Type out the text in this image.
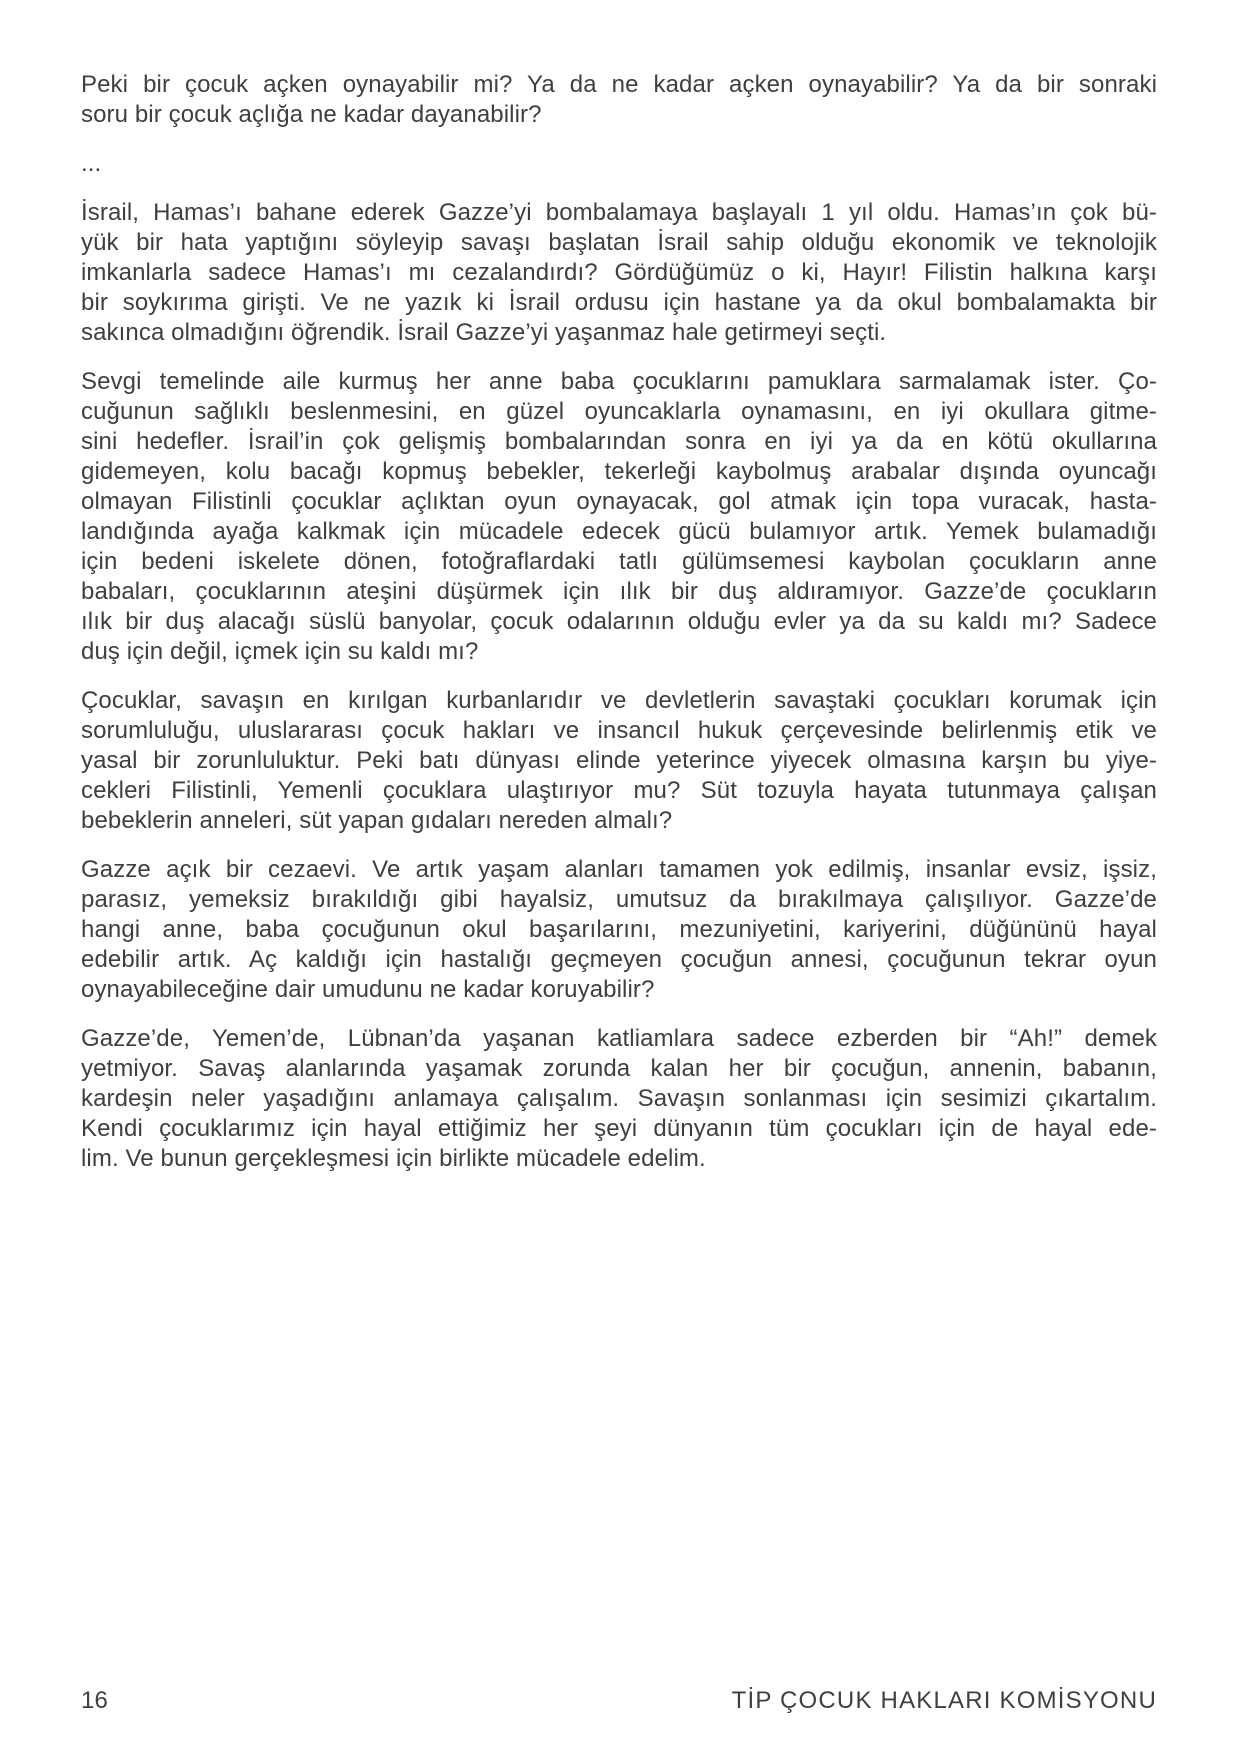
Peki bir çocuk açken oynayabilir mi? Ya da ne kadar açken oynayabilir? Ya da bir sonraki
soru bir çocuk açlığa ne kadar dayanabilir?
...
İsrail, Hamas’ı bahane ederek Gazze’yi bombalamaya başlayalı 1 yıl oldu. Hamas’ın çok bü-
yük bir hata yaptığını söyleyip savaşı başlatan İsrail sahip olduğu ekonomik ve teknolojik
imkanlarla sadece Hamas’ı mı cezalandırdı? Gördüğümüz o ki, Hayır! Filistin halkına karşı
bir soykırıma girişti. Ve ne yazık ki İsrail ordusu için hastane ya da okul bombalamakta bir
sakınca olmadığını öğrendik. İsrail Gazze’yi yaşanmaz hale getirmeyi seçti.
Sevgi temelinde aile kurmuş her anne baba çocuklarını pamuklara sarmalamak ister. Ço-
cuğunun sağlıklı beslenmesini, en güzel oyuncaklarla oynamasını, en iyi okullara gitme-
sini hedefler. İsrail’in çok gelişmiş bombalarından sonra en iyi ya da en kötü okullarına
gidemeyen, kolu bacağı kopmuş bebekler, tekerleği kaybolmuş arabalar dışında oyuncağı
olmayan Filistinli çocuklar açlıktan oyun oynayacak, gol atmak için topa vuracak, hasta-
landığında ayağa kalkmak için mücadele edecek gücü bulamıyor artık. Yemek bulamadığı
için bedeni iskelete dönen, fotoğraflardaki tatlı gülümsemesi kaybolan çocukların anne
babaları, çocuklarının ateşini düşürmek için ılık bir duş aldıramıyor. Gazze’de çocukların
ılık bir duş alacağı süslü banyolar, çocuk odalarının olduğu evler ya da su kaldı mı? Sadece
duş için değil, içmek için su kaldı mı?
Çocuklar, savaşın en kırılgan kurbanlarıdır ve devletlerin savaştaki çocukları korumak için
sorumluluğu, uluslararası çocuk hakları ve insancıl hukuk çerçevesinde belirlenmiş etik ve
yasal bir zorunluluktur. Peki batı dünyası elinde yeterince yiyecek olmasına karşın bu yiye-
cekleri Filistinli, Yemenli çocuklara ulaştırıyor mu? Süt tozuyla hayata tutunmaya çalışan
bebeklerin anneleri, süt yapan gıdaları nereden almalı?
Gazze açık bir cezaevi. Ve artık yaşam alanları tamamen yok edilmiş, insanlar evsiz, işsiz,
parasız, yemeksiz bırakıldığı gibi hayalsiz, umutsuz da bırakılmaya çalışılıyor. Gazze’de
hangi anne, baba çocuğunun okul başarılarını, mezuniyetini, kariyerini, düğününü hayal
edebilir artık. Aç kaldığı için hastalığı geçmeyen çocuğun annesi, çocuğunun tekrar oyun
oynayabileceğine dair umudunu ne kadar koruyabilir?
Gazze’de, Yemen’de, Lübnan’da yaşanan katliamlara sadece ezberden bir “Ah!” demek
yetmiyor. Savaş alanlarında yaşamak zorunda kalan her bir çocuğun, annenin, babanın,
kardeşin neler yaşadığını anlamaya çalışalım. Savaşın sonlanması için sesimizi çıkartalım.
Kendi çocuklarımız için hayal ettiğimiz her şeyi dünyanın tüm çocukları için de hayal ede-
lim. Ve bunun gerçekleşmesi için birlikte mücadele edelim.
16	TİP ÇOCUK HAKLARI KOMİSYONU
